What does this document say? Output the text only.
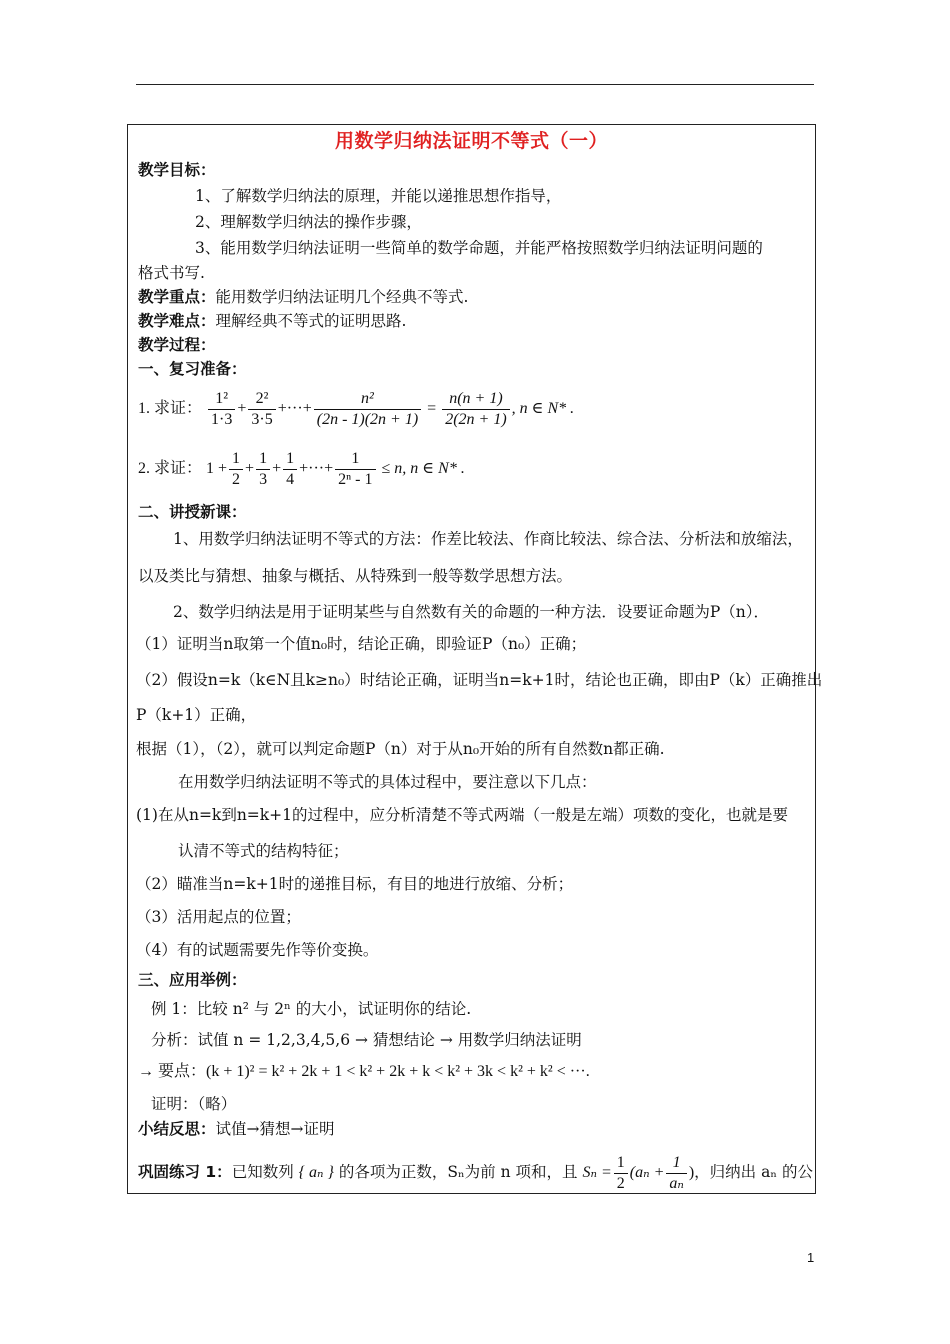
用数学归纳法证明不等式（一）
教学目标：
1、了解数学归纳法的原理，并能以递推思想作指导，
2、理解数学归纳法的操作步骤，
3、能用数学归纳法证明一些简单的数学命题，并能严格按照数学归纳法证明问题的
格式书写.
教学重点：能用数学归纳法证明几个经典不等式.
教学难点：理解经典不等式的证明思路.
教学过程：
一、复习准备：
1. 求证： $\frac{\text{1²}}{1\cdot 3} + \frac{\text{2²}}{3\cdot 5}$ +···+ $\frac{\text{n²}}{(2n - 1)(2n + 1)} = \frac{n(n + 1)}{2(2n + 1)}$ , n ∈ N* .
2. 求证： $1 + \frac{1}{2} + \frac{1}{3} + \frac{1}{4}$ +···+ $\frac{1}{\text{2ⁿ - 1}} \le n$, n ∈ N* .
二、讲授新课：
1、用数学归纳法证明不等式的方法：作差比较法、作商比较法、综合法、分析法和放缩法，
以及类比与猜想、抽象与概括、从特殊到一般等数学思想方法。
2、数学归纳法是用于证明某些与自然数有关的命题的一种方法．设要证命题为P（n）．
（1）证明当n取第一个值n₀时，结论正确，即验证P（n₀）正确；
（2）假设n=k（k∈N且k≥n₀）时结论正确，证明当n=k+1时，结论也正确，即由P（k）正确推出
P（k+1）正确，
根据（1），（2），就可以判定命题P（n）对于从n₀开始的所有自然数n都正确.
在用数学归纳法证明不等式的具体过程中，要注意以下几点：
(1)在从n=k到n=k+1的过程中，应分析清楚不等式两端（一般是左端）项数的变化，也就是要
认清不等式的结构特征；
（2）瞄准当n=k+1时的递推目标，有目的地进行放缩、分析；
（3）活用起点的位置；
（4）有的试题需要先作等价变换。
三、应用举例：
例 1：比较 n² 与 2ⁿ 的大小，试证明你的结论.
分析：试值 n = 1,2,3,4,5,6 → 猜想结论 → 用数学归纳法证明
→ 要点：(k + 1)² = k² + 2k + 1 < k² + 2k + k < k² + 3k < k² + k² < ···.
证明：（略）
小结反思：试值→猜想→证明
巩固练习 1：已知数列 { aₙ } 的各项为正数，Sₙ为前 n 项和，且 $S_n = \frac{1}{2} (a_n + \frac{1}{\text{aₙ}}$ )，归纳出 aₙ 的公
1
